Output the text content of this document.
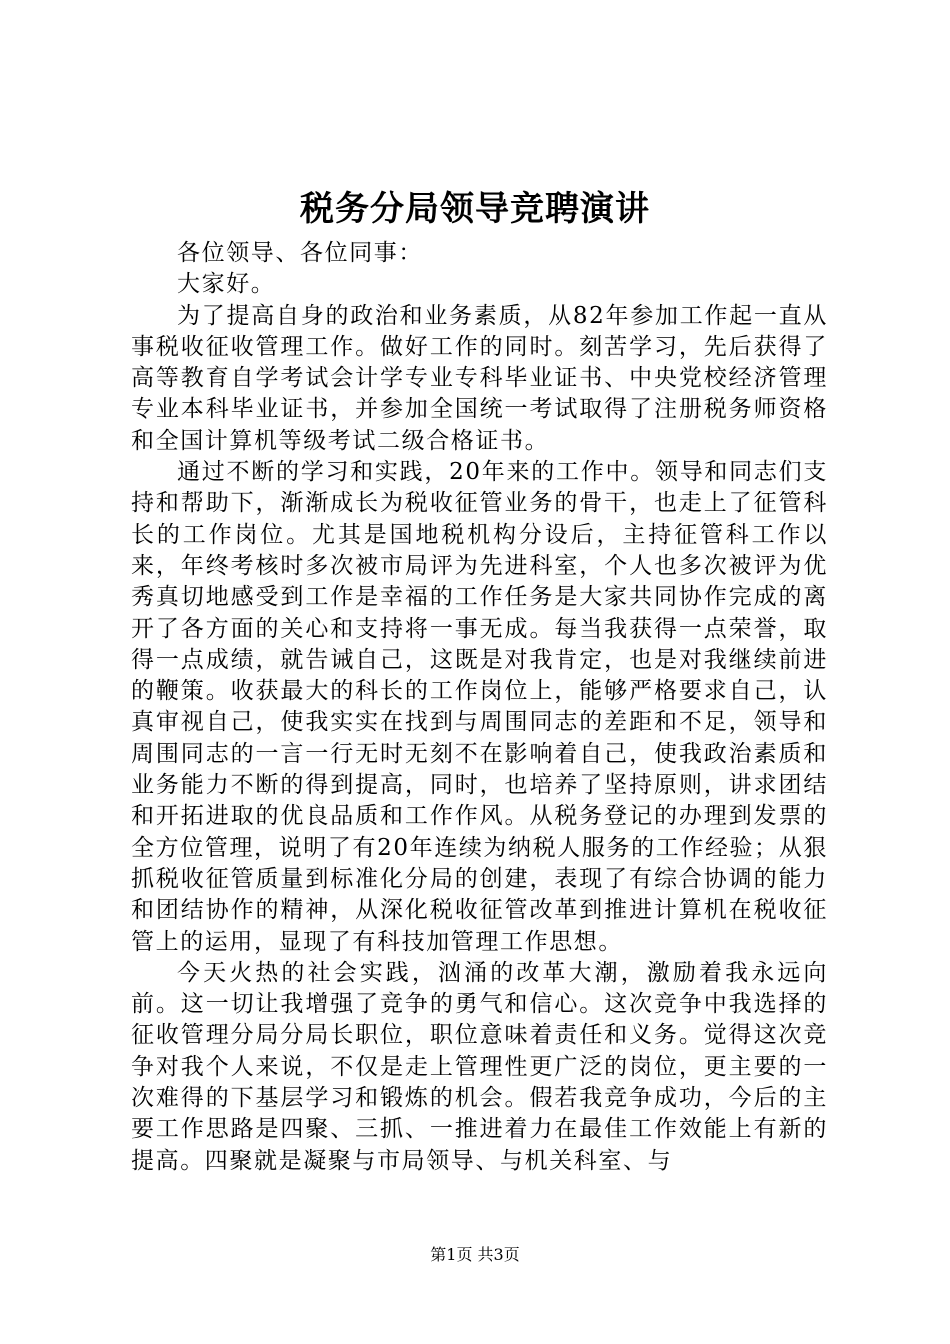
税务分局领导竞聘演讲

各位领导、各位同事：

大家好。

为了提高自身的政治和业务素质，从82年参加工作起一直从事税收征收管理工作。做好工作的同时。刻苦学习，先后获得了高等教育自学考试会计学专业专科毕业证书、中央党校经济管理专业本科毕业证书，并参加全国统一考试取得了注册税务师资格和全国计算机等级考试二级合格证书。

通过不断的学习和实践，20年来的工作中。领导和同志们支持和帮助下，渐渐成长为税收征管业务的骨干，也走上了征管科长的工作岗位。尤其是国地税机构分设后，主持征管科工作以来，年终考核时多次被市局评为先进科室，个人也多次被评为优秀真切地感受到工作是幸福的工作任务是大家共同协作完成的离开了各方面的关心和支持将一事无成。每当我获得一点荣誉，取得一点成绩，就告诫自己，这既是对我肯定，也是对我继续前进的鞭策。收获最大的科长的工作岗位上，能够严格要求自己，认真审视自己，使我实实在找到与周围同志的差距和不足，领导和周围同志的一言一行无时无刻不在影响着自己，使我政治素质和业务能力不断的得到提高，同时，也培养了坚持原则，讲求团结和开拓进取的优良品质和工作作风。从税务登记的办理到发票的全方位管理，说明了有20年连续为纳税人服务的工作经验；从狠抓税收征管质量到标准化分局的创建，表现了有综合协调的能力和团结协作的精神，从深化税收征管改革到推进计算机在税收征管上的运用，显现了有科技加管理工作思想。

今天火热的社会实践，汹涌的改革大潮，激励着我永远向前。这一切让我增强了竞争的勇气和信心。这次竞争中我选择的征收管理分局分局长职位，职位意味着责任和义务。觉得这次竞争对我个人来说，不仅是走上管理性更广泛的岗位，更主要的一次难得的下基层学习和锻炼的机会。假若我竞争成功，今后的主要工作思路是四聚、三抓、一推进着力在最佳工作效能上有新的提高。四聚就是凝聚与市局领导、与机关科室、与

第1页 共3页
